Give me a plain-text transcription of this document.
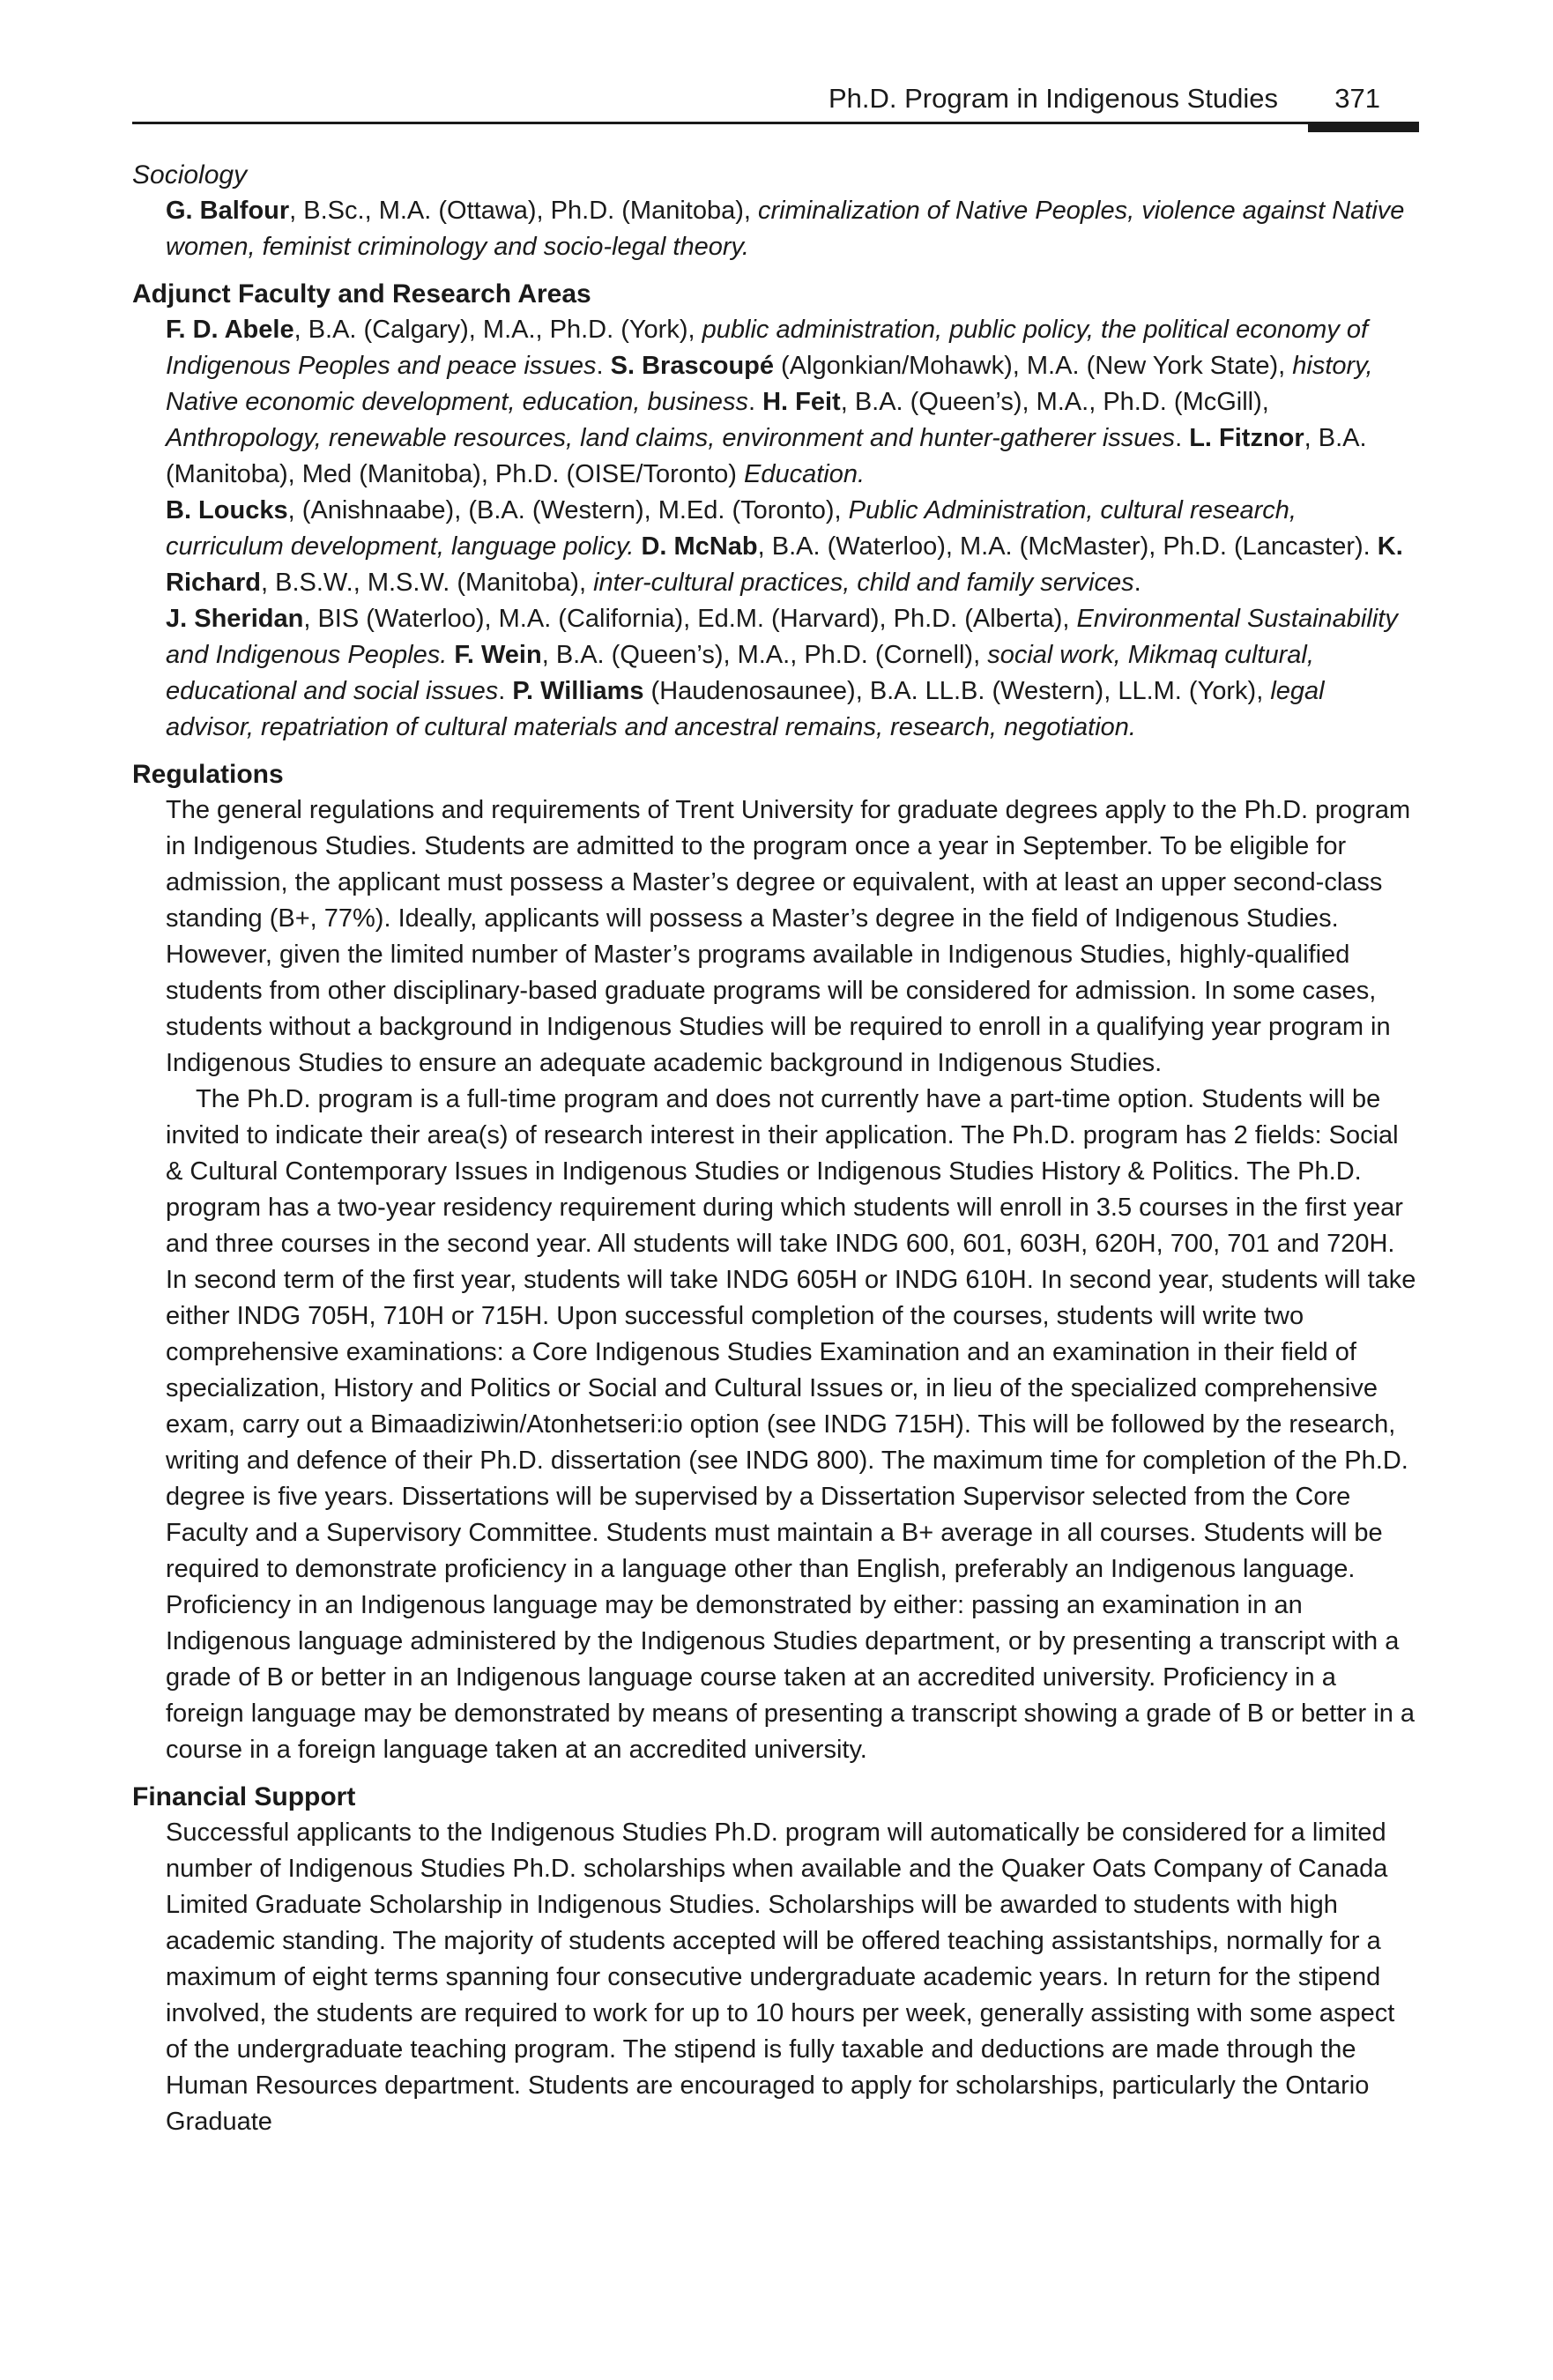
Ph.D. Program in Indigenous Studies 371

Sociology

G. Balfour, B.Sc., M.A. (Ottawa), Ph.D. (Manitoba), criminalization of Native Peoples, violence against Native women, feminist criminology and socio-legal theory.

Adjunct Faculty and Research Areas

F. D. Abele, B.A. (Calgary), M.A., Ph.D. (York), public administration, public policy, the political economy of Indigenous Peoples and peace issues. S. Brascoupé (Algonkian/Mohawk), M.A. (New York State), history, Native economic development, education, business. H. Feit, B.A. (Queen’s), M.A., Ph.D. (McGill), Anthropology, renewable resources, land claims, environment and hunter-gatherer issues. L. Fitznor, B.A. (Manitoba), Med (Manitoba), Ph.D. (OISE/Toronto) Education.
B. Loucks, (Anishnaabe), (B.A. (Western), M.Ed. (Toronto), Public Administration, cultural research, curriculum development, language policy. D. McNab, B.A. (Waterloo), M.A. (McMaster), Ph.D. (Lancaster). K. Richard, B.S.W., M.S.W. (Manitoba), inter-cultural practices, child and family services.
J. Sheridan, BIS (Waterloo), M.A. (California), Ed.M. (Harvard), Ph.D. (Alberta), Environmental Sustainability and Indigenous Peoples. F. Wein, B.A. (Queen’s), M.A., Ph.D. (Cornell), social work, Mikmaq cultural, educational and social issues. P. Williams (Haudenosaunee), B.A. LL.B. (Western), LL.M. (York), legal advisor, repatriation of cultural materials and ancestral remains, research, negotiation.

Regulations

The general regulations and requirements of Trent University for graduate degrees apply to the Ph.D. program in Indigenous Studies. Students are admitted to the program once a year in September. To be eligible for admission, the applicant must possess a Master’s degree or equivalent, with at least an upper second-class standing (B+, 77%). Ideally, applicants will possess a Master’s degree in the field of Indigenous Studies. However, given the limited number of Master’s programs available in Indigenous Studies, highly-qualified students from other disciplinary-based graduate programs will be considered for admission. In some cases, students without a background in Indigenous Studies will be required to enroll in a qualifying year program in Indigenous Studies to ensure an adequate academic background in Indigenous Studies.

The Ph.D. program is a full-time program and does not currently have a part-time option. Students will be invited to indicate their area(s) of research interest in their application. The Ph.D. program has 2 fields: Social & Cultural Contemporary Issues in Indigenous Studies or Indigenous Studies History & Politics. The Ph.D. program has a two-year residency requirement during which students will enroll in 3.5 courses in the first year and three courses in the second year. All students will take INDG 600, 601, 603H, 620H, 700, 701 and 720H. In second term of the first year, students will take INDG 605H or INDG 610H. In second year, students will take either INDG 705H, 710H or 715H. Upon successful completion of the courses, students will write two comprehensive examinations: a Core Indigenous Studies Examination and an examination in their field of specialization, History and Politics or Social and Cultural Issues or, in lieu of the specialized comprehensive exam, carry out a Bimaadiziwin/Atonhetseri:io option (see INDG 715H). This will be followed by the research, writing and defence of their Ph.D. dissertation (see INDG 800). The maximum time for completion of the Ph.D. degree is five years. Dissertations will be supervised by a Dissertation Supervisor selected from the Core Faculty and a Supervisory Committee. Students must maintain a B+ average in all courses. Students will be required to demonstrate proficiency in a language other than English, preferably an Indigenous language. Proficiency in an Indigenous language may be demonstrated by either: passing an examination in an Indigenous language administered by the Indigenous Studies department, or by presenting a transcript with a grade of B or better in an Indigenous language course taken at an accredited university. Proficiency in a foreign language may be demonstrated by means of presenting a transcript showing a grade of B or better in a course in a foreign language taken at an accredited university.

Financial Support

Successful applicants to the Indigenous Studies Ph.D. program will automatically be considered for a limited number of Indigenous Studies Ph.D. scholarships when available and the Quaker Oats Company of Canada Limited Graduate Scholarship in Indigenous Studies. Scholarships will be awarded to students with high academic standing. The majority of students accepted will be offered teaching assistantships, normally for a maximum of eight terms spanning four consecutive undergraduate academic years. In return for the stipend involved, the students are required to work for up to 10 hours per week, generally assisting with some aspect of the undergraduate teaching program. The stipend is fully taxable and deductions are made through the Human Resources department. Students are encouraged to apply for scholarships, particularly the Ontario Graduate
